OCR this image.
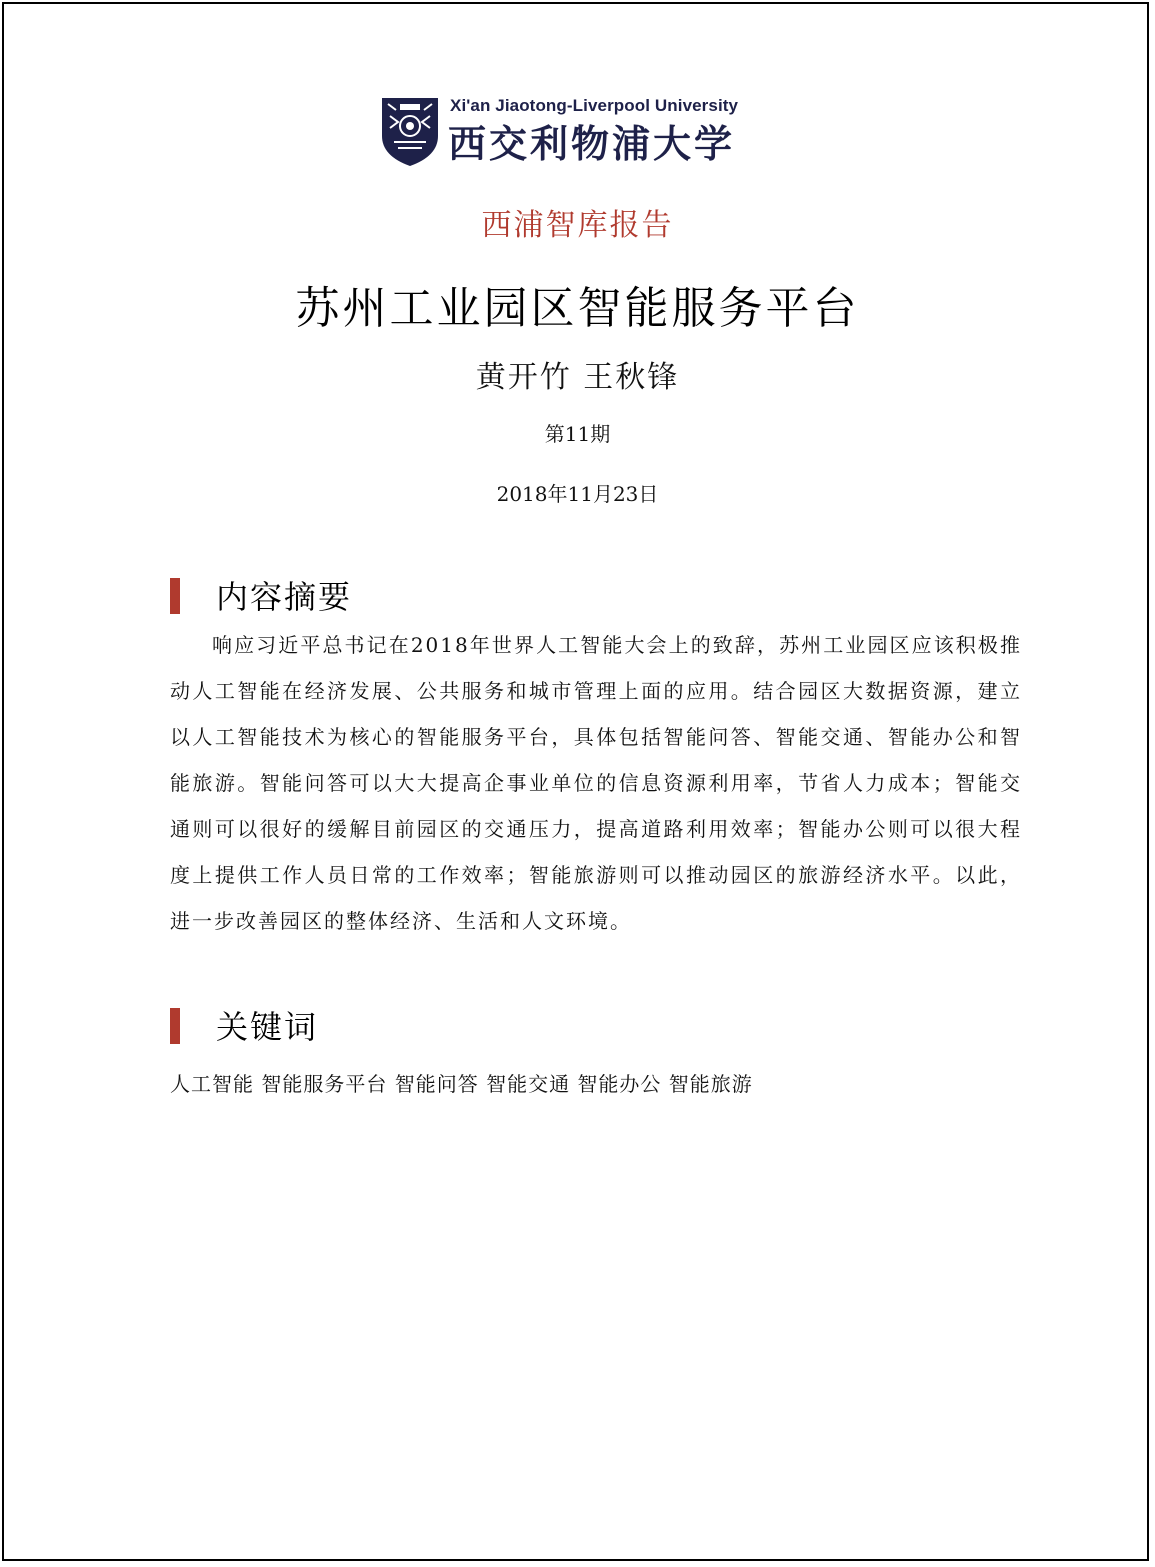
Xi'an Jiaotong-Liverpool University
西交利物浦大学
西浦智库报告
苏州工业园区智能服务平台
黄开竹 王秋锋
第11期
2018年11月23日
内容摘要

响应习近平总书记在2018年世界人工智能大会上的致辞，苏州工业园区应该积极推动人工智能在经济发展、公共服务和城市管理上面的应用。结合园区大数据资源，建立以人工智能技术为核心的智能服务平台，具体包括智能问答、智能交通、智能办公和智能旅游。智能问答可以大大提高企事业单位的信息资源利用率，节省人力成本；智能交通则可以很好的缓解目前园区的交通压力，提高道路利用效率；智能办公则可以很大程度上提供工作人员日常的工作效率；智能旅游则可以推动园区的旅游经济水平。以此，进一步改善园区的整体经济、生活和人文环境。

关键词
人工智能 智能服务平台 智能问答 智能交通 智能办公 智能旅游
